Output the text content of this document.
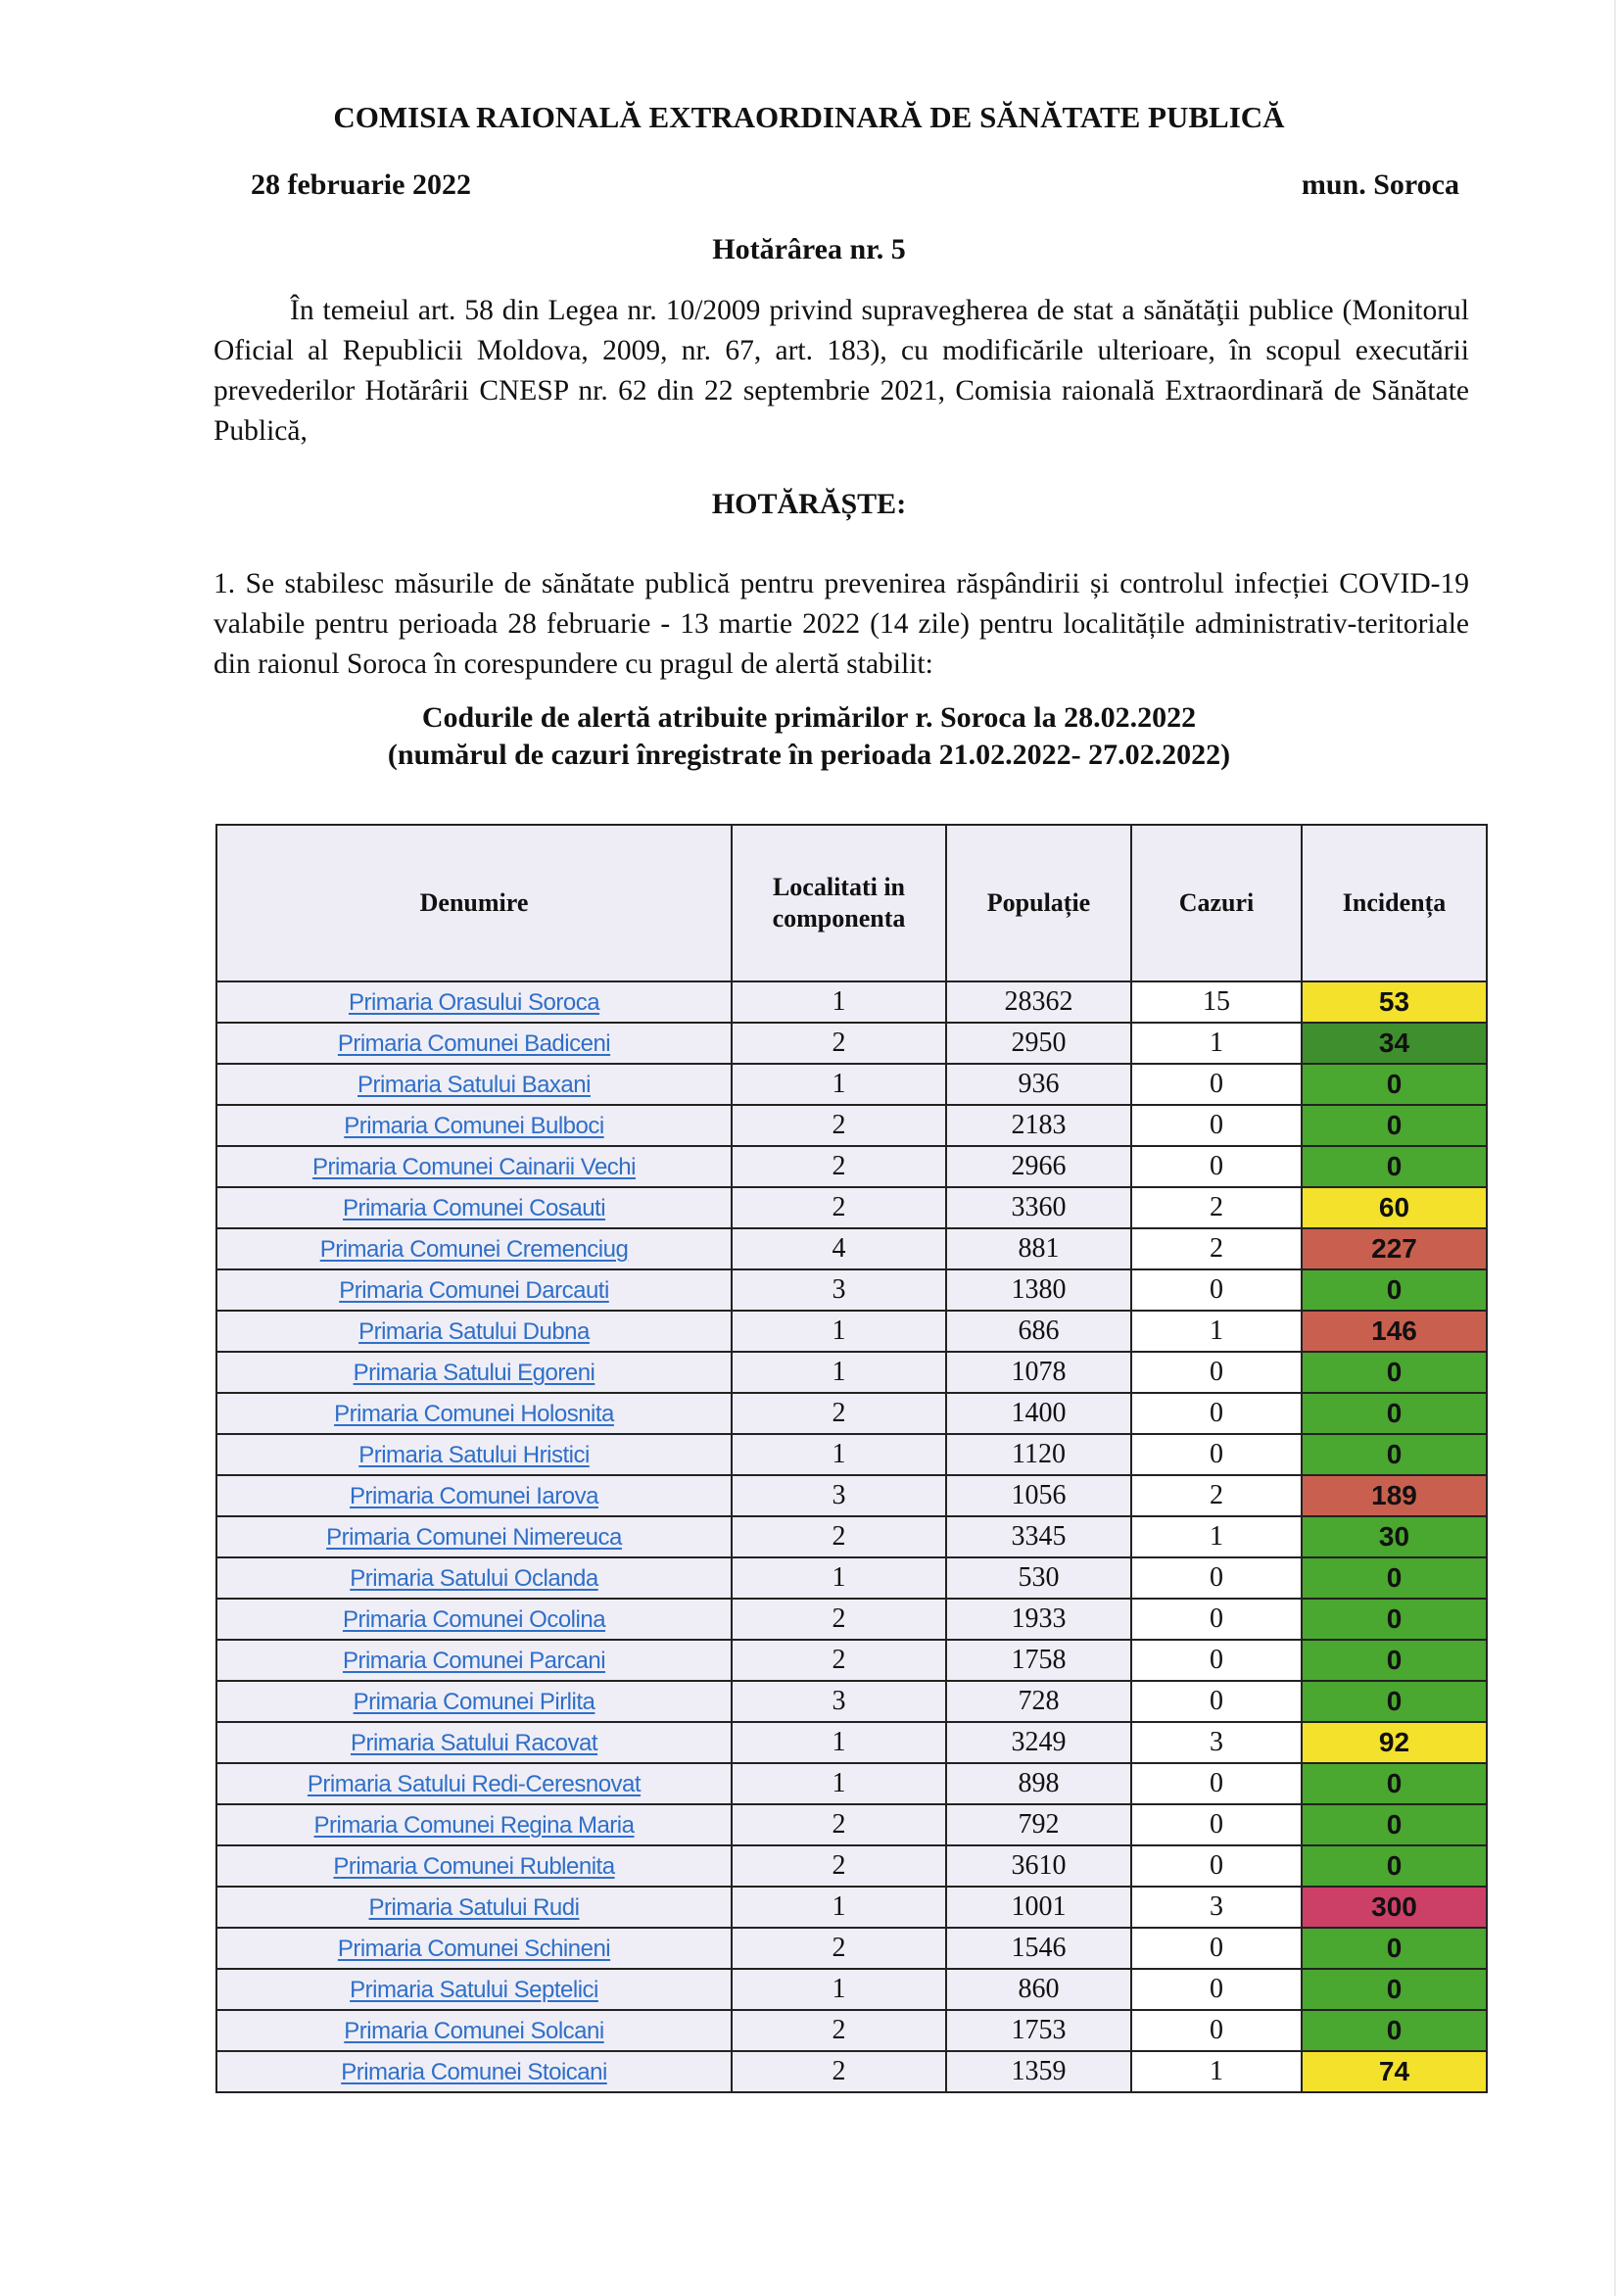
COMISIA RAIONALĂ EXTRAORDINARĂ DE SĂNĂTATE PUBLICĂ
28 februarie 2022	mun. Soroca
Hotărârea nr. 5
În temeiul art. 58 din Legea nr. 10/2009 privind supravegherea de stat a sănătăţii publice (Monitorul Oficial al Republicii Moldova, 2009, nr. 67, art. 183), cu modificările ulterioare, în scopul executării prevederilor Hotărârii CNESP nr. 62 din 22 septembrie 2021, Comisia raională Extraordinară de Sănătate Publică,
HOTĂRĂȘTE:
1. Se stabilesc măsurile de sănătate publică pentru prevenirea răspândirii și controlul infecției COVID-19 valabile pentru perioada 28 februarie - 13 martie 2022 (14 zile) pentru localitățile administrativ-teritoriale din raionul Soroca în corespundere cu pragul de alertă stabilit:
Codurile de alertă atribuite primărilor r. Soroca la 28.02.2022
(numărul de cazuri înregistrate în perioada 21.02.2022- 27.02.2022)
Denumire	Localitati in componenta	Populație	Cazuri	Incidența
Primaria Orasului Soroca	1	28362	15	53
Primaria Comunei Badiceni	2	2950	1	34
Primaria Satului Baxani	1	936	0	0
Primaria Comunei Bulboci	2	2183	0	0
Primaria Comunei Cainarii Vechi	2	2966	0	0
Primaria Comunei Cosauti	2	3360	2	60
Primaria Comunei Cremenciug	4	881	2	227
Primaria Comunei Darcauti	3	1380	0	0
Primaria Satului Dubna	1	686	1	146
Primaria Satului Egoreni	1	1078	0	0
Primaria Comunei Holosnita	2	1400	0	0
Primaria Satului Hristici	1	1120	0	0
Primaria Comunei Iarova	3	1056	2	189
Primaria Comunei Nimereuca	2	3345	1	30
Primaria Satului Oclanda	1	530	0	0
Primaria Comunei Ocolina	2	1933	0	0
Primaria Comunei Parcani	2	1758	0	0
Primaria Comunei Pirlita	3	728	0	0
Primaria Satului Racovat	1	3249	3	92
Primaria Satului Redi-Ceresnovat	1	898	0	0
Primaria Comunei Regina Maria	2	792	0	0
Primaria Comunei Rublenita	2	3610	0	0
Primaria Satului Rudi	1	1001	3	300
Primaria Comunei Schineni	2	1546	0	0
Primaria Satului Septelici	1	860	0	0
Primaria Comunei Solcani	2	1753	0	0
Primaria Comunei Stoicani	2	1359	1	74
